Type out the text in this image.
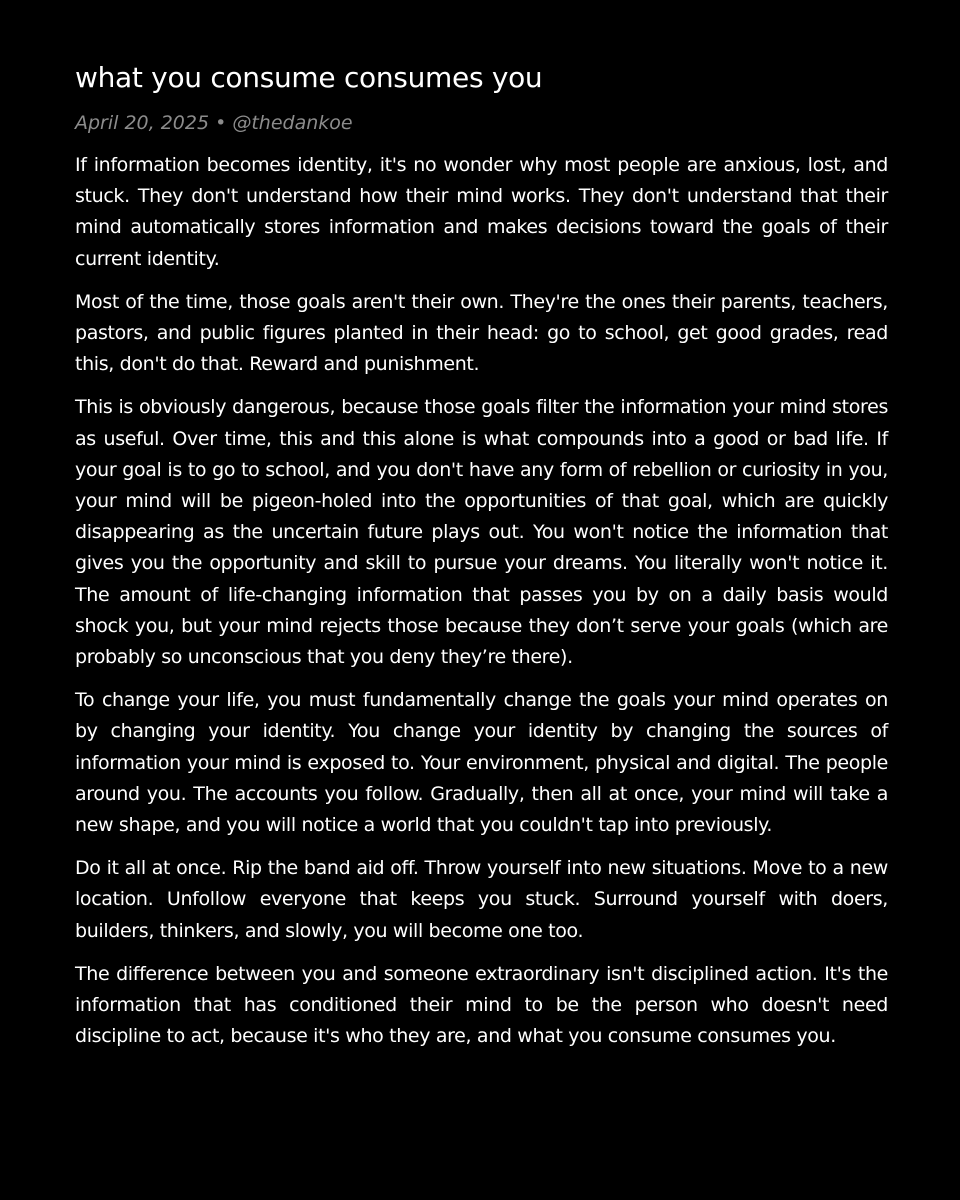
what you consume consumes you
April 20, 2025 • @thedankoe

If information becomes identity, it's no wonder why most people are anxious, lost, and stuck. They don't understand how their mind works. They don't understand that their mind automatically stores information and makes decisions toward the goals of their current identity.

Most of the time, those goals aren't their own. They're the ones their parents, teachers, pastors, and public figures planted in their head: go to school, get good grades, read this, don't do that. Reward and punishment.

This is obviously dangerous, because those goals filter the information your mind stores as useful. Over time, this and this alone is what compounds into a good or bad life. If your goal is to go to school, and you don't have any form of rebellion or curiosity in you, your mind will be pigeon-holed into the opportunities of that goal, which are quickly disappearing as the uncertain future plays out. You won't notice the information that gives you the opportunity and skill to pursue your dreams. You literally won't notice it. The amount of life-changing information that passes you by on a daily basis would shock you, but your mind rejects those because they don’t serve your goals (which are probably so unconscious that you deny they’re there).

To change your life, you must fundamentally change the goals your mind operates on by changing your identity. You change your identity by changing the sources of information your mind is exposed to. Your environment, physical and digital. The people around you. The accounts you follow. Gradually, then all at once, your mind will take a new shape, and you will notice a world that you couldn't tap into previously.

Do it all at once. Rip the band aid off. Throw yourself into new situations. Move to a new location. Unfollow everyone that keeps you stuck. Surround yourself with doers, builders, thinkers, and slowly, you will become one too.

The difference between you and someone extraordinary isn't disciplined action. It's the information that has conditioned their mind to be the person who doesn't need discipline to act, because it's who they are, and what you consume consumes you.
